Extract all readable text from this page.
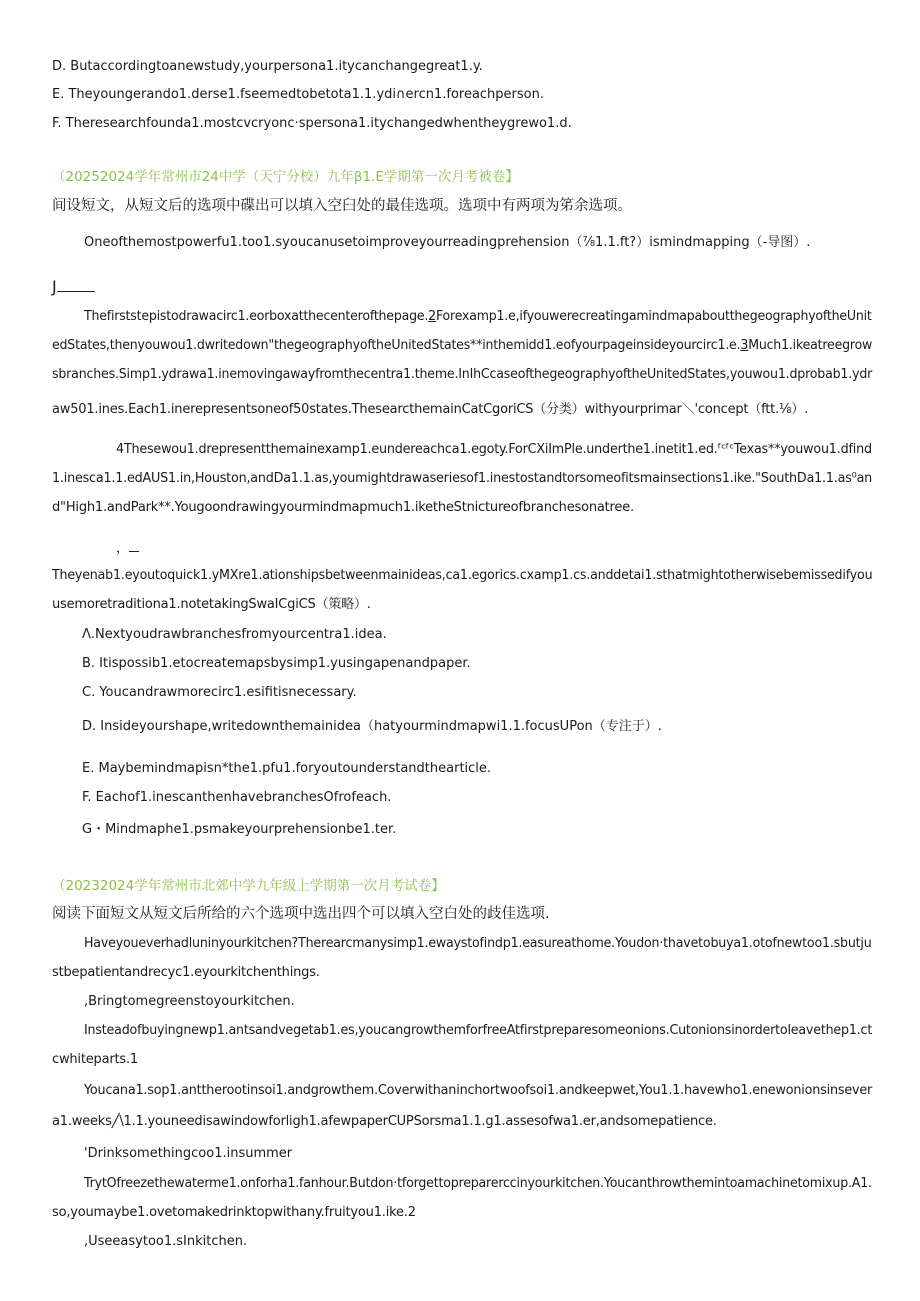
D. Butaccordingtoanewstudy,yourpersona1.itycanchangegreat1.y.
E. Theyoungerando1.derse1.fseemedtobetota1.1.ydi∩ercn1.foreachperson.
F. Theresearchfounda1.mostcvcryonc·spersona1.itychangedwhentheygrewo1.d.
（20252024学年常州市24中学（天宁分校）九年β1.E学期第一次月考被卷】
间设短文，从短文后的选项中碟出可以填入空臼处的最佳选项。选项中有两项为笫余选项。
Oneofthemostpowerfu1.too1.syoucanusetoimproveyourreadingprehension（⅞1.1.ft?）ismindmapping（-导图）.
J
Thefirststepistodrawacirc1.eorboxatthecenterofthepage.2Forexamp1.e,ifyouwerecreatingamindmapaboutthegeographyoftheUnit
edStates,thenyouwou1.dwritedown"thegeographyoftheUnitedStates**inthemidd1.eofyourpageinsideyourcirc1.e.3Much1.ikeatreegrow
sbranches.Simp1.ydrawa1.inemovingawayfromthecentra1.theme.InIhCcaseofthegeographyoftheUnitedStates,youwou1.dprobab1.ydr
aw501.ines.Each1.inerepresentsoneof50states.ThesearcthemainCatCgoriCS（分类）withyourprimar＼'concept（ftt.⅛）.
4Thesewou1.drepresentthemainexamp1.eundereachca1.egoty.ForCXiImPle.underthe1.inetit1.ed.ᶠᶜᶠᶜTexas**youwou1.dfind
1.inesca1.1.edAUS1.in,Houston,andDa1.1.as,youmightdrawaseriesof1.inestostandtorsomeofitsmainsections1.ike."SouthDa1.1.as⁰an
d"High1.andPark**.Yougoondrawingyourmindmapmuch1.iketheStnictureofbranchesonatree.
，
Theyenab1.eyoutoquick1.yMXre1.ationshipsbetweenmainideas,ca1.egorics.cxamp1.cs.anddetai1.sthatmightotherwisebemissedifyou
usemoretraditiona1.notetakingSwaICgiCS（策略）.
Λ.Nextyoudrawbranchesfromyourcentra1.idea.
B. Itispossib1.etocreatemapsbysimp1.yusingapenandpaper.
C. Youcandrawmorecirc1.esifitisnecessary.
D. Insideyourshape,writedownthemainidea（hatyourmindmapwi1.1.focusUPon（专注于）.
E. Maybemindmapisn*the1.pfu1.foryoutounderstandthearticle.
F. Eachof1.inescanthenhavebranchesOfrofeach.
G・Mindmaphe1.psmakeyourprehensionbe1.ter.
（20232024学年常州市北郊中学九年级上学期第一次月考试卷】
阅读下面短文从短文后所给的六个选项中选出四个可以填入空白处的歧佳选项.
Haveyoueverhadluninyourkitchen?Therearcmanysimp1.ewaystofindp1.easureathome.Youdon·thavetobuya1.otofnewtoo1.sbutju
stbepatientandrecyc1.eyourkitchenthings.
,Bringtomegreenstoyourkitchen.
Insteadofbuyingnewp1.antsandvegetab1.es,youcangrowthemforfreeAtfirstpreparesomeonions.Cutonionsinordertoleavethep1.ct
cwhiteparts.1
Youcana1.sop1.anttherootinsoi1.andgrowthem.Coverwithaninchortwoofsoi1.andkeepwet,You1.1.havewho1.enewonionsinsever
a1.weeks╱\1.1.youneedisawindowforligh1.afewpaperCUPSorsma1.1.g1.assesofwa1.er,andsomepatience.
'Drinksomethingcoo1.insummer
TrytOfreezethewaterme1.onforha1.fanhour.Butdon·tforgettopreparerccinyourkitchen.Youcanthrowthemintoamachinetomixup.A1.
so,youmaybe1.ovetomakedrinktopwithany.fruityou1.ike.2
,Useeasytoo1.sInkitchen.
